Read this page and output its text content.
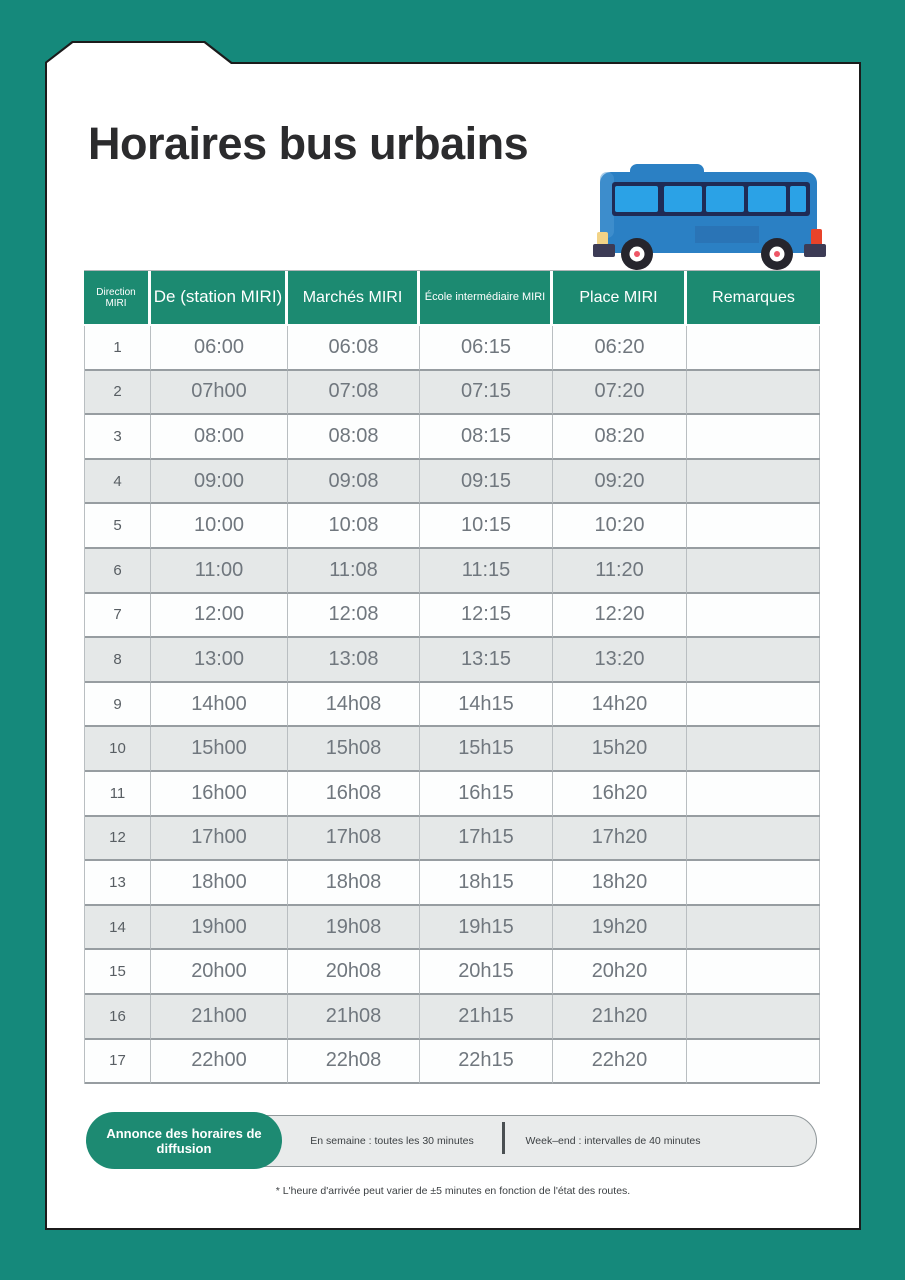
Horaires bus urbains
Direction MIRI	De (station MIRI)	Marchés MIRI	École intermédiaire MIRI	Place MIRI	Remarques
1	06:00	06:08	06:15	06:20
2	07h00	07:08	07:15	07:20
3	08:00	08:08	08:15	08:20
4	09:00	09:08	09:15	09:20
5	10:00	10:08	10:15	10:20
6	11:00	11:08	11:15	11:20
7	12:00	12:08	12:15	12:20
8	13:00	13:08	13:15	13:20
9	14h00	14h08	14h15	14h20
10	15h00	15h08	15h15	15h20
11	16h00	16h08	16h15	16h20
12	17h00	17h08	17h15	17h20
13	18h00	18h08	18h15	18h20
14	19h00	19h08	19h15	19h20
15	20h00	20h08	20h15	20h20
16	21h00	21h08	21h15	21h20
17	22h00	22h08	22h15	22h20
Annonce des horaires de diffusion	En semaine : toutes les 30 minutes	Week–end : intervalles de 40 minutes
* L'heure d'arrivée peut varier de ±5 minutes en fonction de l'état des routes.
